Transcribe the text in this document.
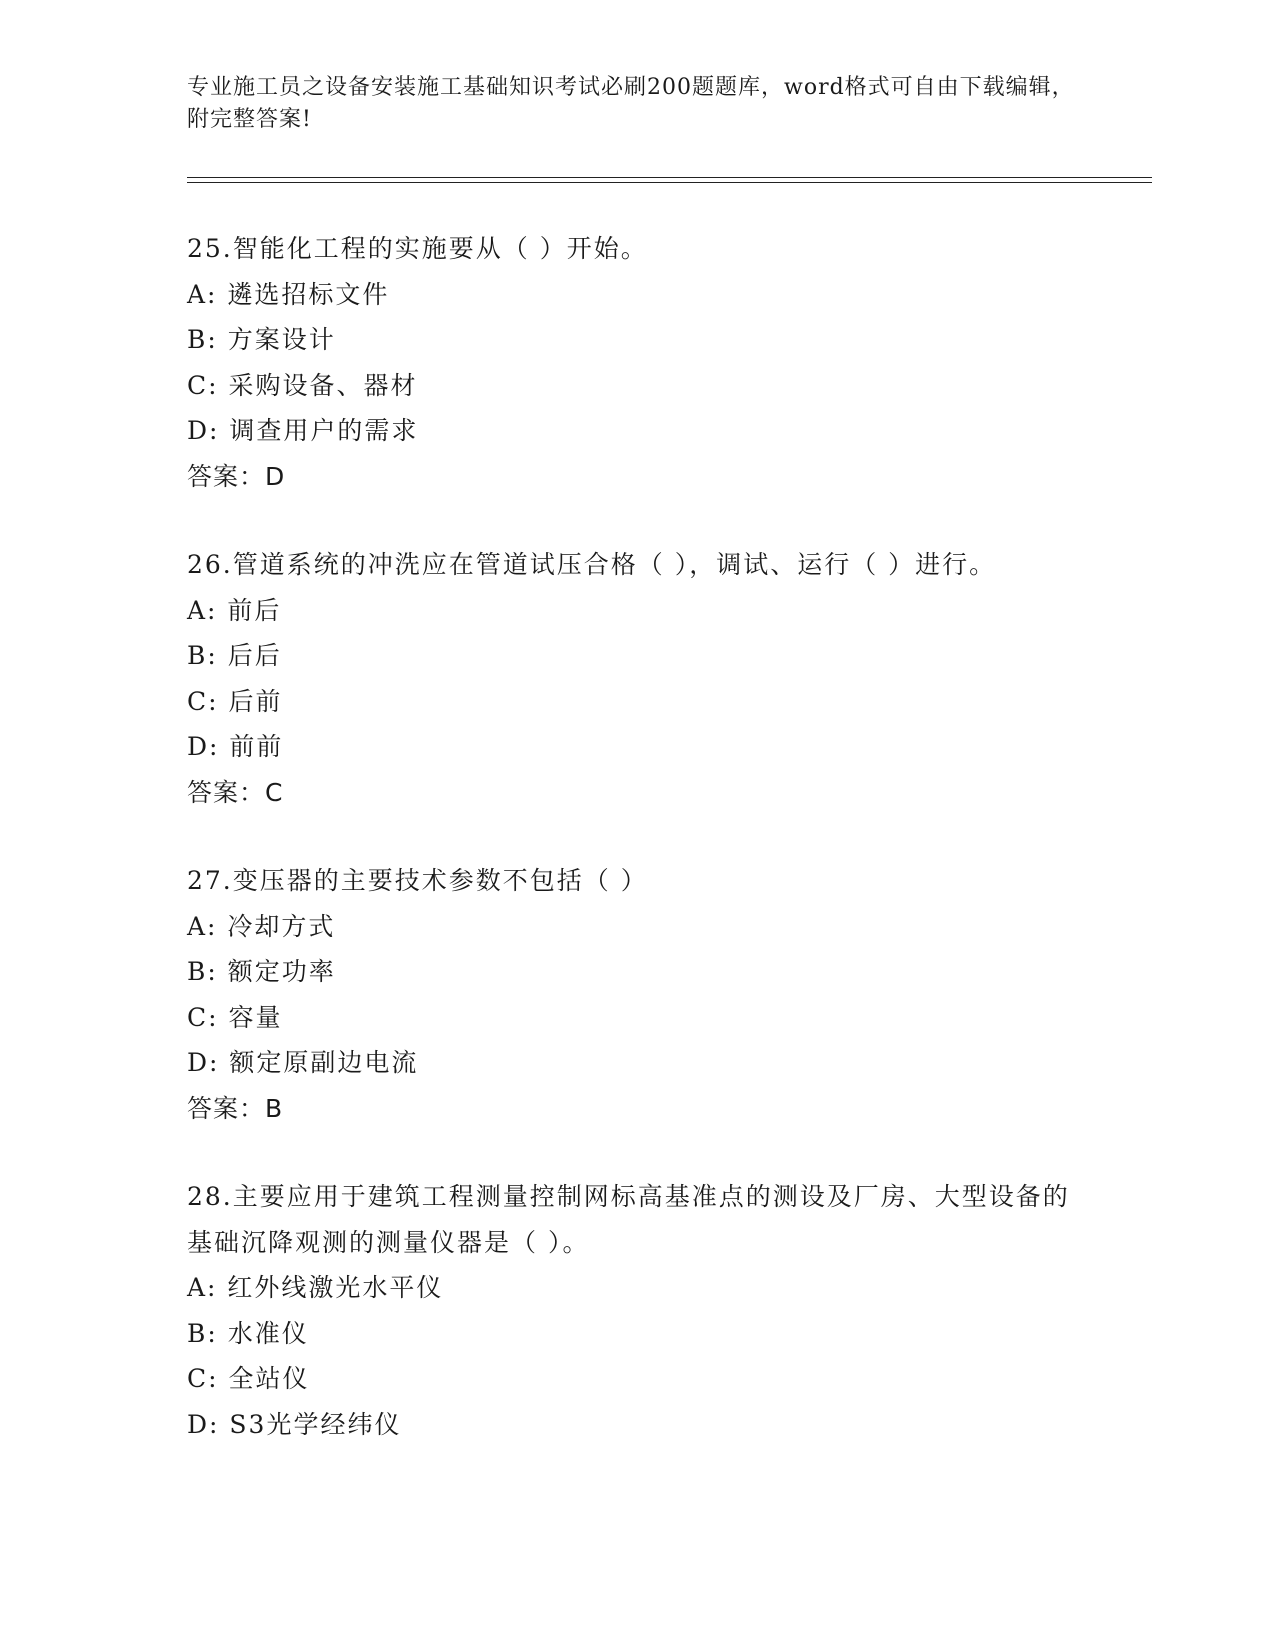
专业施工员之设备安装施工基础知识考试必刷200题题库，word格式可自由下载编辑，附完整答案!
25.智能化工程的实施要从（ ）开始。
A: 遴选招标文件
B: 方案设计
C: 采购设备、器材
D: 调查用户的需求
答案：D
26.管道系统的冲洗应在管道试压合格（ ），调试、运行（ ）进行。
A: 前后
B: 后后
C: 后前
D: 前前
答案：C
27.变压器的主要技术参数不包括（ ）
A: 冷却方式
B: 额定功率
C: 容量
D: 额定原副边电流
答案：B
28.主要应用于建筑工程测量控制网标高基准点的测设及厂房、大型设备的基础沉降观测的测量仪器是（ ）。
A: 红外线激光水平仪
B: 水准仪
C: 全站仪
D: S3光学经纬仪
